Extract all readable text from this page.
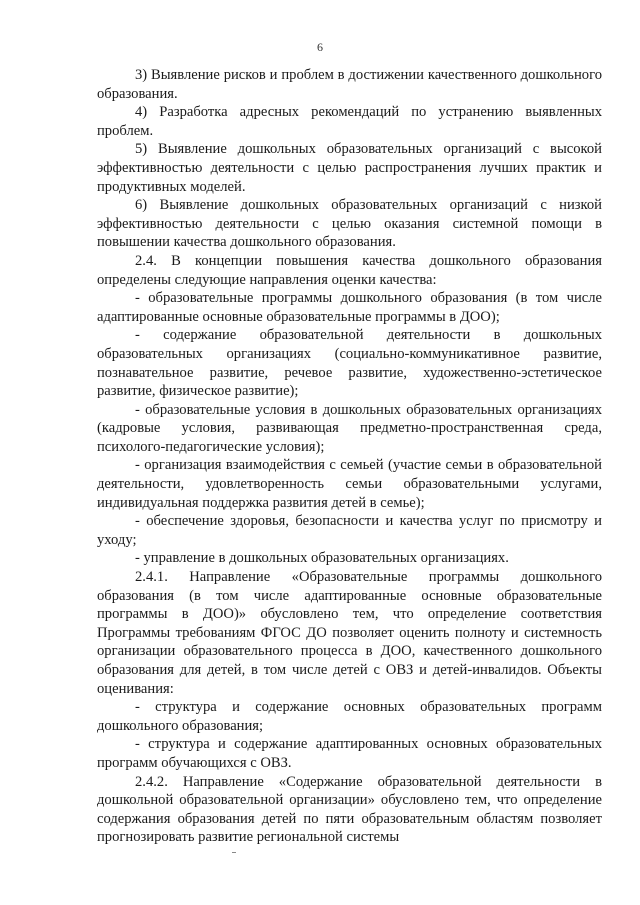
6

3) Выявление рисков и проблем в достижении качественного дошкольного образования.

4) Разработка адресных рекомендаций по устранению выявленных проблем.

5) Выявление дошкольных образовательных организаций с высокой эффективностью деятельности с целью распространения лучших практик и продуктивных моделей.

6) Выявление дошкольных образовательных организаций с низкой эффективностью деятельности с целью оказания системной помощи в повышении качества дошкольного образования.

2.4. В концепции повышения качества дошкольного образования определены следующие направления оценки качества:

- образовательные программы дошкольного образования (в том числе адаптированные основные образовательные программы в ДОО);

- содержание образовательной деятельности в дошкольных образовательных организациях (социально-коммуникативное развитие, познавательное развитие, речевое развитие, художественно-эстетическое развитие, физическое развитие);

- образовательные условия в дошкольных образовательных организациях (кадровые условия, развивающая предметно-пространственная среда, психолого-педагогические условия);

- организация взаимодействия с семьей (участие семьи в образовательной деятельности, удовлетворенность семьи образовательными услугами, индивидуальная поддержка развития детей в семье);

- обеспечение здоровья, безопасности и качества услуг по присмотру и уходу;

- управление в дошкольных образовательных организациях.

2.4.1. Направление «Образовательные программы дошкольного образования (в том числе адаптированные основные образовательные программы в ДОО)» обусловлено тем, что определение соответствия Программы требованиям ФГОС ДО позволяет оценить полноту и системность организации образовательного процесса в ДОО, качественного дошкольного образования для детей, в том числе детей с ОВЗ и детей-инвалидов. Объекты оценивания:

- структура и содержание основных образовательных программ дошкольного образования;

- структура и содержание адаптированных основных образовательных программ обучающихся с ОВЗ.

2.4.2. Направление «Содержание образовательной деятельности в дошкольной образовательной организации» обусловлено тем, что определение содержания образования детей по пяти образовательным областям позволяет прогнозировать развитие региональной системы
